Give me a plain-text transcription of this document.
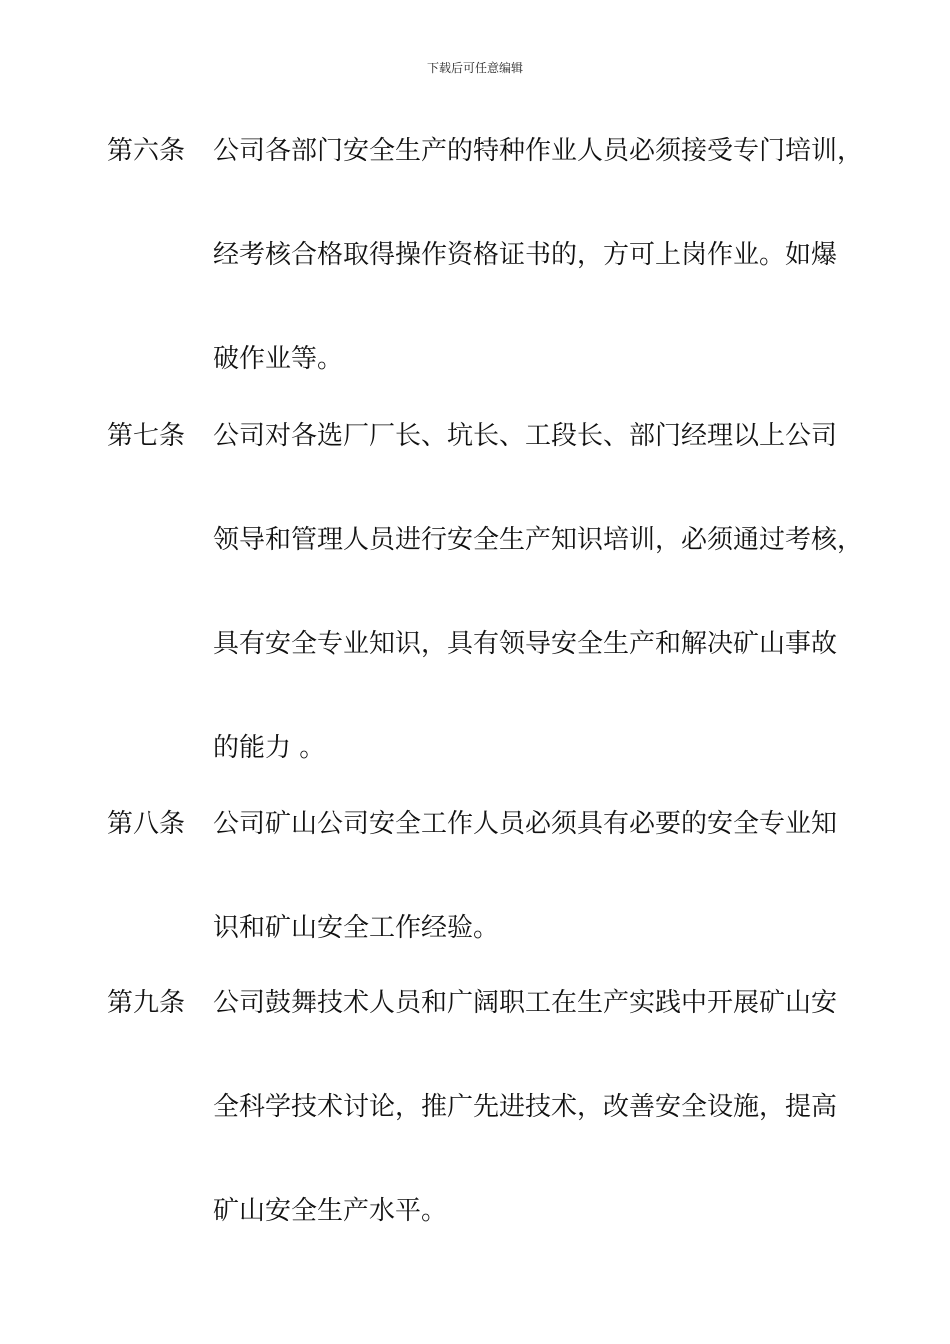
下载后可任意编辑
第六条 公司各部门安全生产的特种作业人员必须接受专门培训，
经考核合格取得操作资格证书的，方可上岗作业。如爆
破作业等。
第七条 公司对各选厂厂长、坑长、工段长、部门经理以上公司
领导和管理人员进行安全生产知识培训，必须通过考核，
具有安全专业知识，具有领导安全生产和解决矿山事故
的能力 。
第八条 公司矿山公司安全工作人员必须具有必要的安全专业知
识和矿山安全工作经验。
第九条 公司鼓舞技术人员和广阔职工在生产实践中开展矿山安
全科学技术讨论，推广先进技术，改善安全设施，提高
矿山安全生产水平。
